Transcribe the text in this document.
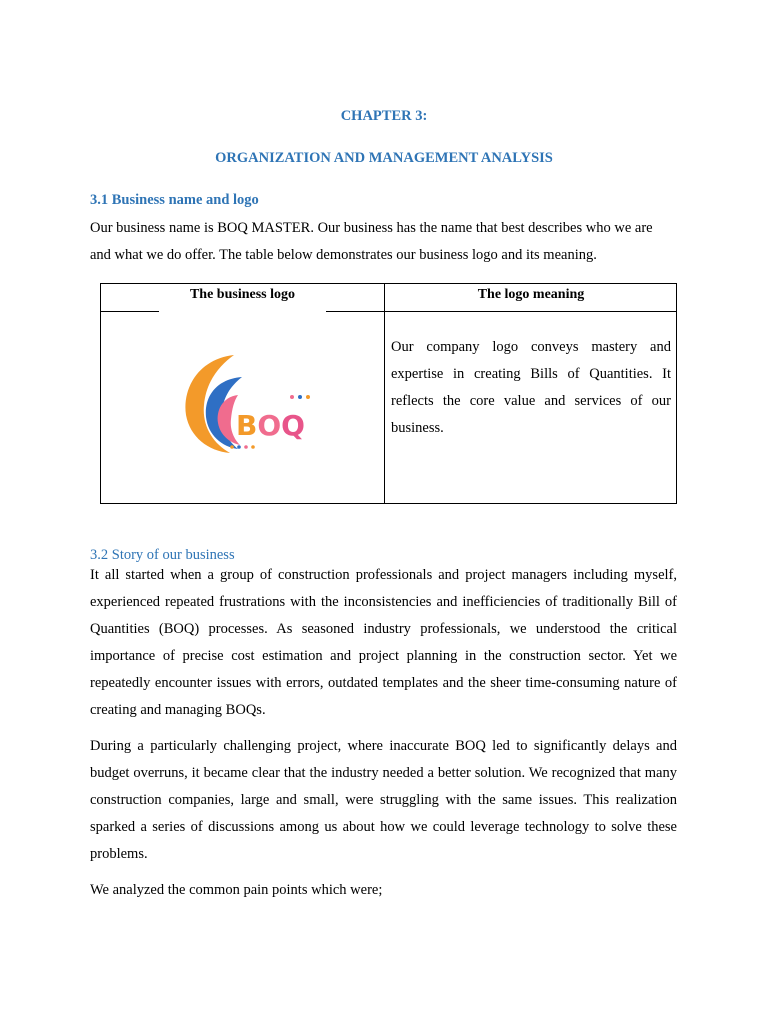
CHAPTER 3:
ORGANIZATION AND MANAGEMENT ANALYSIS
3.1 Business name and logo

Our business name is BOQ MASTER. Our business has the name that best describes who we are and what we do offer. The table below demonstrates our business logo and its meaning.

The business logo	The logo meaning
BOQ
Our company logo conveys mastery and expertise in creating Bills of Quantities. It reflects the core value and services of our business.
3.2 Story of our business

It all started when a group of construction professionals and project managers including myself, experienced repeated frustrations with the inconsistencies and inefficiencies of traditionally Bill of Quantities (BOQ) processes. As seasoned industry professionals, we understood the critical importance of precise cost estimation and project planning in the construction sector. Yet we repeatedly encounter issues with errors, outdated templates and the sheer time-consuming nature of creating and managing BOQs.

During a particularly challenging project, where inaccurate BOQ led to significantly delays and budget overruns, it became clear that the industry needed a better solution. We recognized that many construction companies, large and small, were struggling with the same issues. This realization sparked a series of discussions among us about how we could leverage technology to solve these problems.

We analyzed the common pain points which were;
